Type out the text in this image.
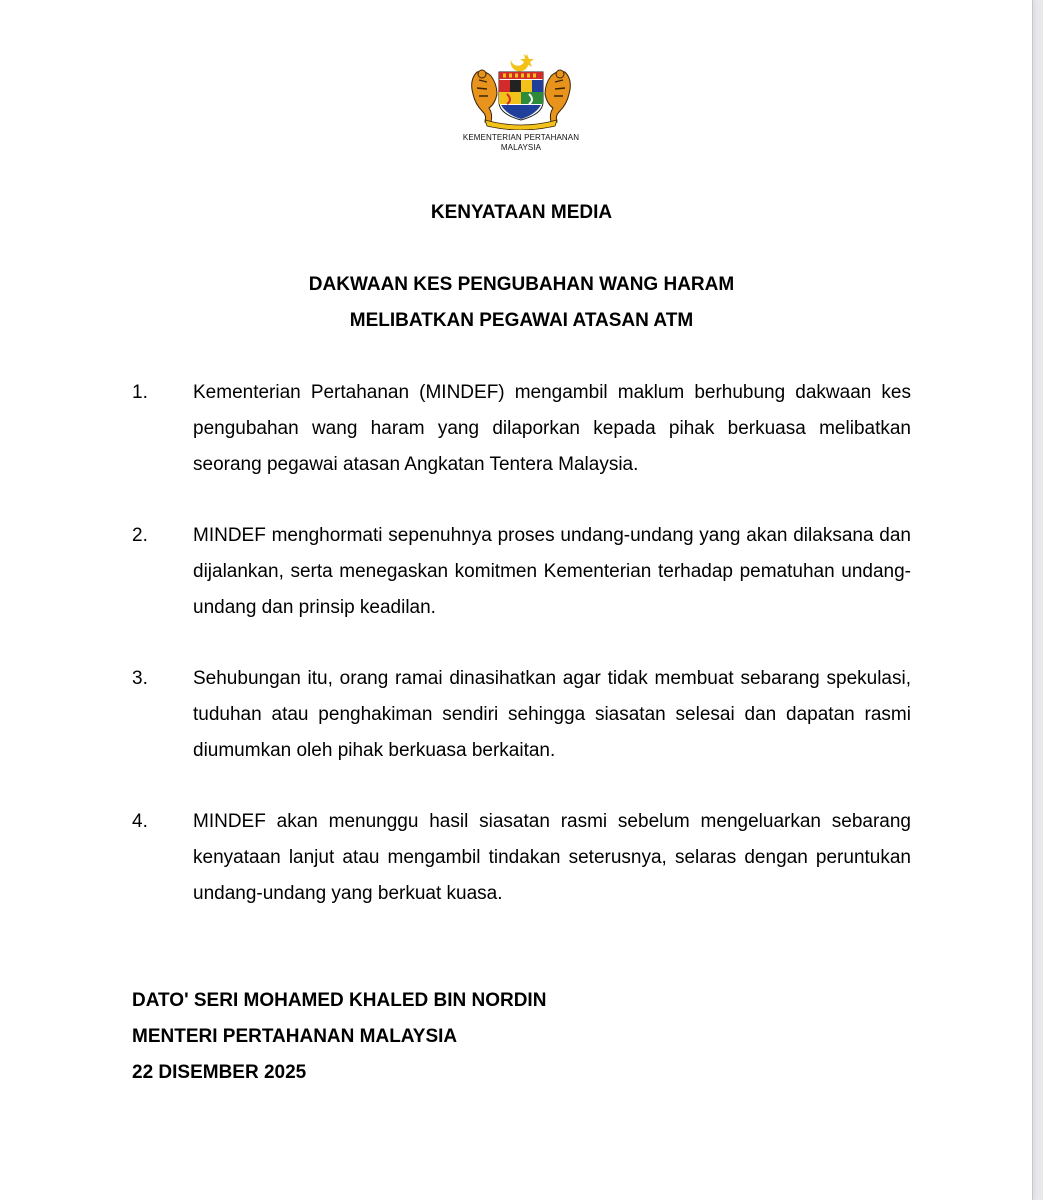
KEMENTERIAN PERTAHANAN
MALAYSIA
KENYATAAN MEDIA
DAKWAAN KES PENGUBAHAN WANG HARAM
MELIBATKAN PEGAWAI ATASAN ATM
1. Kementerian Pertahanan (MINDEF) mengambil maklum berhubung dakwaan kes pengubahan wang haram yang dilaporkan kepada pihak berkuasa melibatkan seorang pegawai atasan Angkatan Tentera Malaysia.
2. MINDEF menghormati sepenuhnya proses undang-undang yang akan dilaksana dan dijalankan, serta menegaskan komitmen Kementerian terhadap pematuhan undang-undang dan prinsip keadilan.
3. Sehubungan itu, orang ramai dinasihatkan agar tidak membuat sebarang spekulasi, tuduhan atau penghakiman sendiri sehingga siasatan selesai dan dapatan rasmi diumumkan oleh pihak berkuasa berkaitan.
4. MINDEF akan menunggu hasil siasatan rasmi sebelum mengeluarkan sebarang kenyataan lanjut atau mengambil tindakan seterusnya, selaras dengan peruntukan undang-undang yang berkuat kuasa.
DATO' SERI MOHAMED KHALED BIN NORDIN
MENTERI PERTAHANAN MALAYSIA
22 DISEMBER 2025
